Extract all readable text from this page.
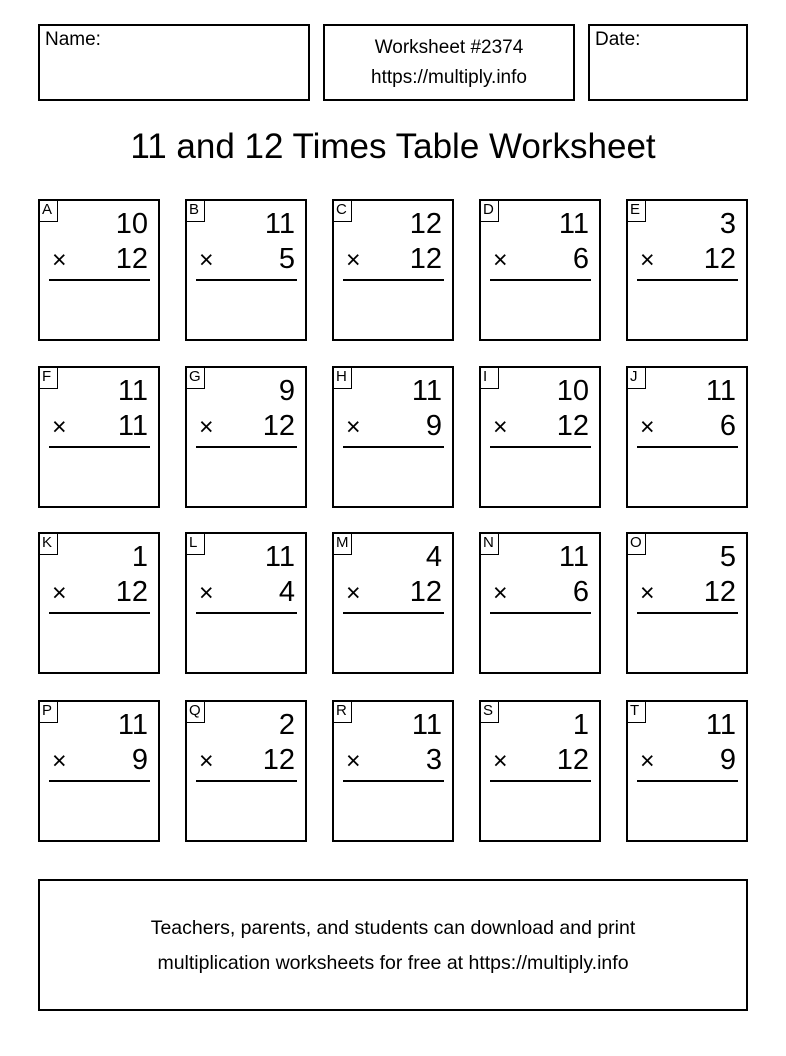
Name:	Worksheet #2374
https://multiply.info
Date:
11 and 12 Times Table Worksheet
A 10
× 12
B 11
× 5
C 12
× 12
D 11
× 6
E	3
× 12
F 11
× 11
G	9
× 12
H 11
× 9
I	10
× 12
J 11
× 6
K	1
× 12
L 11
× 4
M	4
× 12
N 11
× 6
O	5
× 12
P 11
× 9
Q	2
× 12
R 11
× 3
S	1
× 12
T 11
× 9
Teachers, parents, and students can download and print
multiplication worksheets for free at https://multiply.info
